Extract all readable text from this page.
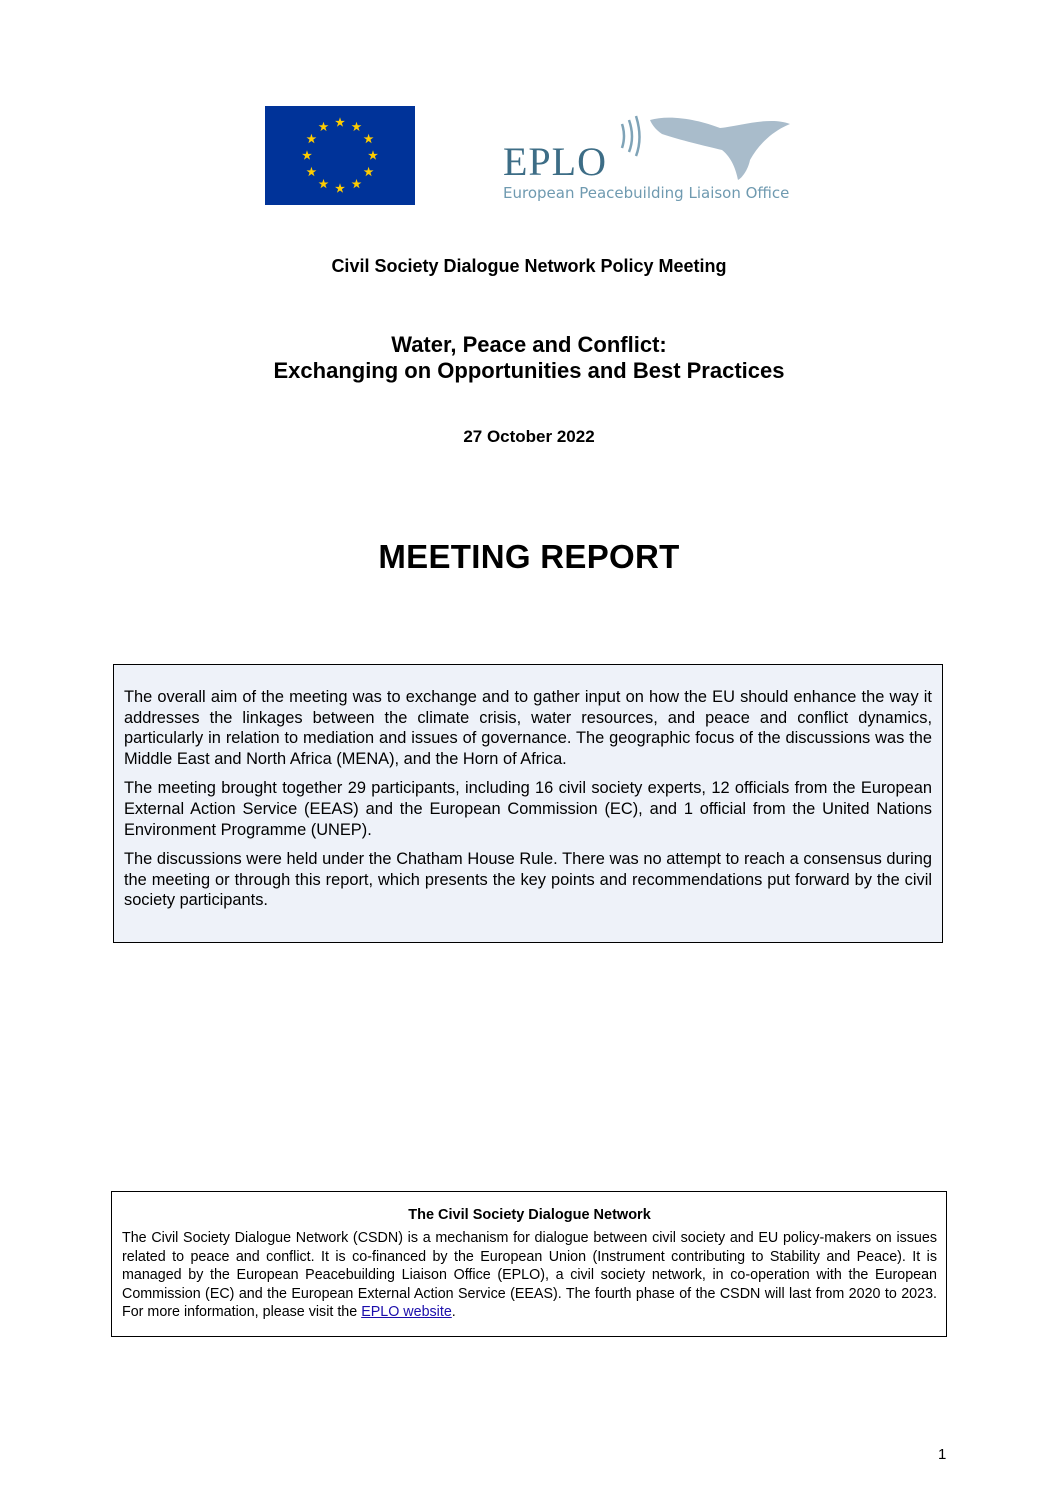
EPLO
European Peacebuilding Liaison Office
Civil Society Dialogue Network Policy Meeting
Water, Peace and Conflict:
Exchanging on Opportunities and Best Practices
27 October 2022
MEETING REPORT

The overall aim of the meeting was to exchange and to gather input on how the EU should enhance the way it addresses the linkages between the climate crisis, water resources, and peace and conflict dynamics, particularly in relation to mediation and issues of governance. The geographic focus of the discussions was the Middle East and North Africa (MENA), and the Horn of Africa.

The meeting brought together 29 participants, including 16 civil society experts, 12 officials from the European External Action Service (EEAS) and the European Commission (EC), and 1 official from the United Nations Environment Programme (UNEP).

The discussions were held under the Chatham House Rule. There was no attempt to reach a consensus during the meeting or through this report, which presents the key points and recommendations put forward by the civil society participants.

The Civil Society Dialogue Network

The Civil Society Dialogue Network (CSDN) is a mechanism for dialogue between civil society and EU policy-makers on issues related to peace and conflict. It is co-financed by the European Union (Instrument contributing to Stability and Peace). It is managed by the European Peacebuilding Liaison Office (EPLO), a civil society network, in co-operation with the European Commission (EC) and the European External Action Service (EEAS). The fourth phase of the CSDN will last from 2020 to 2023. For more information, please visit the EPLO website.

1
